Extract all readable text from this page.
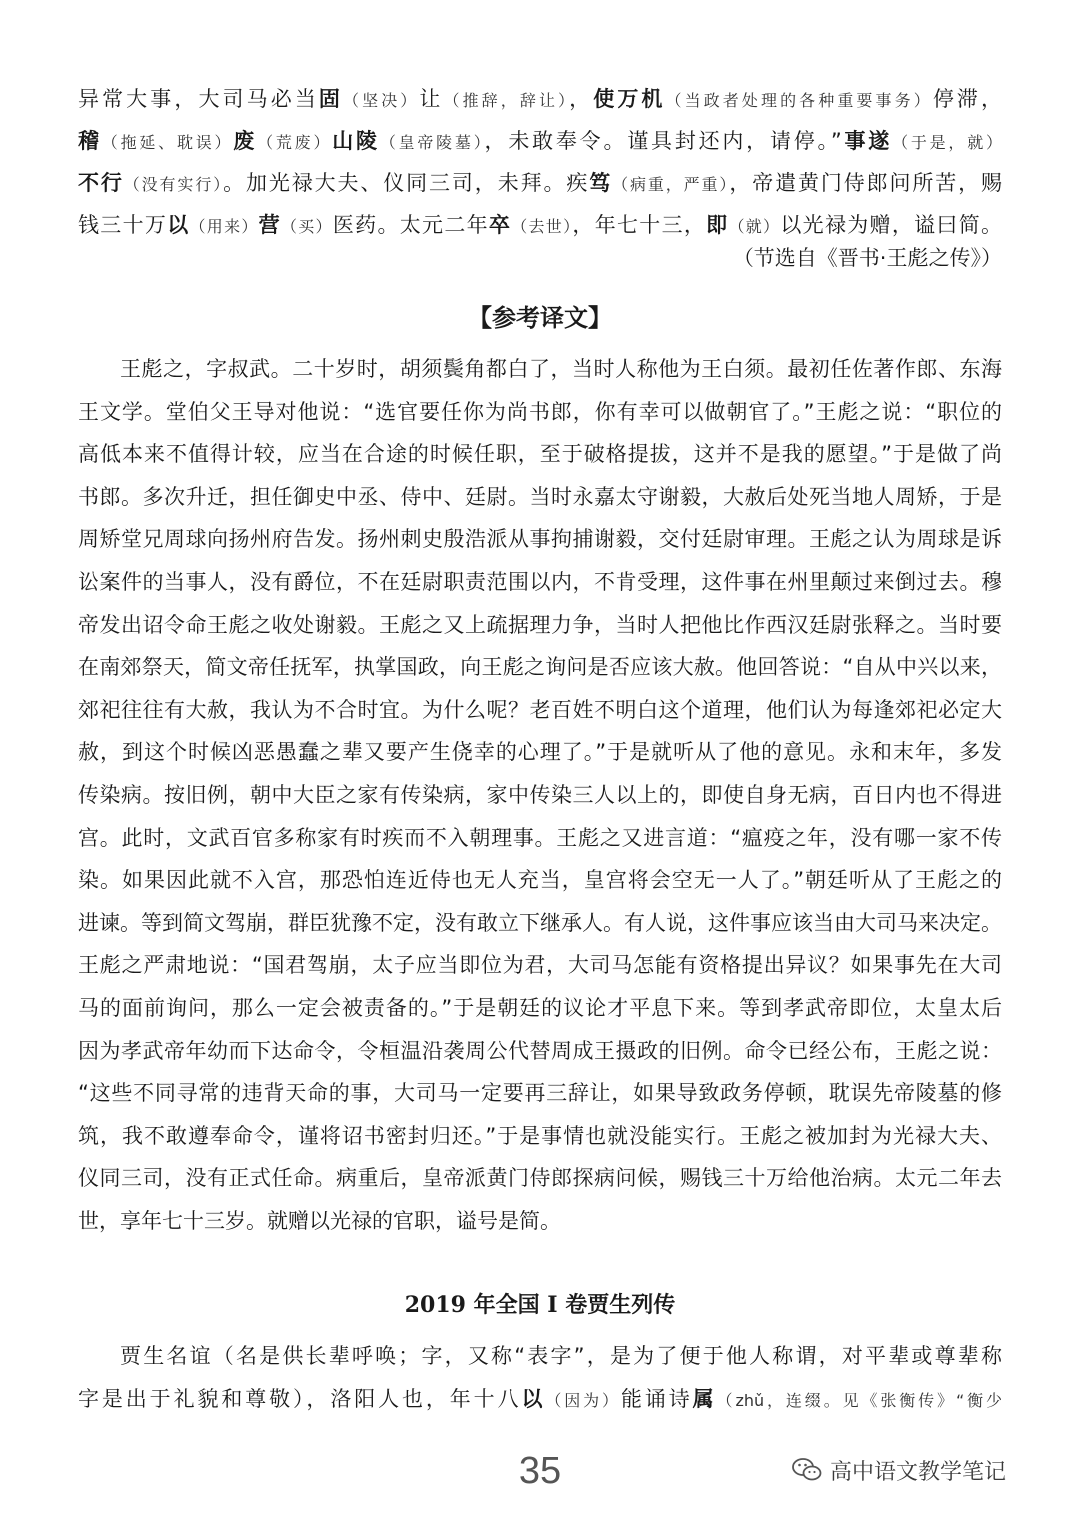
异常大事，大司马必当固（坚决）让（推辞，辞让），使万机（当政者处理的各种重要事务）停滞，
稽（拖延、耽误）废（荒废）山陵（皇帝陵墓），未敢奉令。谨具封还内，请停。”事遂（于是，就）
不行（没有实行）。加光禄大夫、仪同三司，未拜。疾笃（病重，严重），帝遣黄门侍郎问所苦，赐
钱三十万以（用来）营（买）医药。太元二年卒（去世），年七十三，即（就）以光禄为赠，谥曰简。
（节选自《晋书·王彪之传》）
【参考译文】
王彪之，字叔武。二十岁时，胡须鬓角都白了，当时人称他为王白须。最初任佐著作郎、东海
王文学。堂伯父王导对他说：“选官要任你为尚书郎，你有幸可以做朝官了。”王彪之说：“职位的
高低本来不值得计较，应当在合途的时候任职，至于破格提拔，这并不是我的愿望。”于是做了尚
书郎。多次升迁，担任御史中丞、侍中、廷尉。当时永嘉太守谢毅，大赦后处死当地人周矫，于是
周矫堂兄周球向扬州府告发。扬州刺史殷浩派从事拘捕谢毅，交付廷尉审理。王彪之认为周球是诉
讼案件的当事人，没有爵位，不在廷尉职责范围以内，不肯受理，这件事在州里颠过来倒过去。穆
帝发出诏令命王彪之收处谢毅。王彪之又上疏据理力争，当时人把他比作西汉廷尉张释之。当时要
在南郊祭天，简文帝任抚军，执掌国政，向王彪之询问是否应该大赦。他回答说：“自从中兴以来，
郊祀往往有大赦，我认为不合时宜。为什么呢？老百姓不明白这个道理，他们认为每逢郊祀必定大
赦，到这个时候凶恶愚蠢之辈又要产生侥幸的心理了。”于是就听从了他的意见。永和末年，多发
传染病。按旧例，朝中大臣之家有传染病，家中传染三人以上的，即使自身无病，百日内也不得进
宫。此时，文武百官多称家有时疾而不入朝理事。王彪之又进言道：“瘟疫之年，没有哪一家不传
染。如果因此就不入宫，那恐怕连近侍也无人充当，皇宫将会空无一人了。”朝廷听从了王彪之的
进谏。等到简文驾崩，群臣犹豫不定，没有敢立下继承人。有人说，这件事应该当由大司马来决定。
王彪之严肃地说：“国君驾崩，太子应当即位为君，大司马怎能有资格提出异议？如果事先在大司
马的面前询问，那么一定会被责备的。”于是朝廷的议论才平息下来。等到孝武帝即位，太皇太后
因为孝武帝年幼而下达命令，令桓温沿袭周公代替周成王摄政的旧例。命令已经公布，王彪之说：
“这些不同寻常的违背天命的事，大司马一定要再三辞让，如果导致政务停顿，耽误先帝陵墓的修
筑，我不敢遵奉命令，谨将诏书密封归还。”于是事情也就没能实行。王彪之被加封为光禄大夫、
仪同三司，没有正式任命。病重后，皇帝派黄门侍郎探病问候，赐钱三十万给他治病。太元二年去
世，享年七十三岁。就赠以光禄的官职，谥号是简。
2019 年全国 I 卷贾生列传
贾生名谊（名是供长辈呼唤；字，又称“表字”，是为了便于他人称谓，对平辈或尊辈称
字是出于礼貌和尊敬），洛阳人也，年十八以（因为）能诵诗属（zhǔ，连缀。见《张衡传》“衡少
35	高中语文教学笔记
